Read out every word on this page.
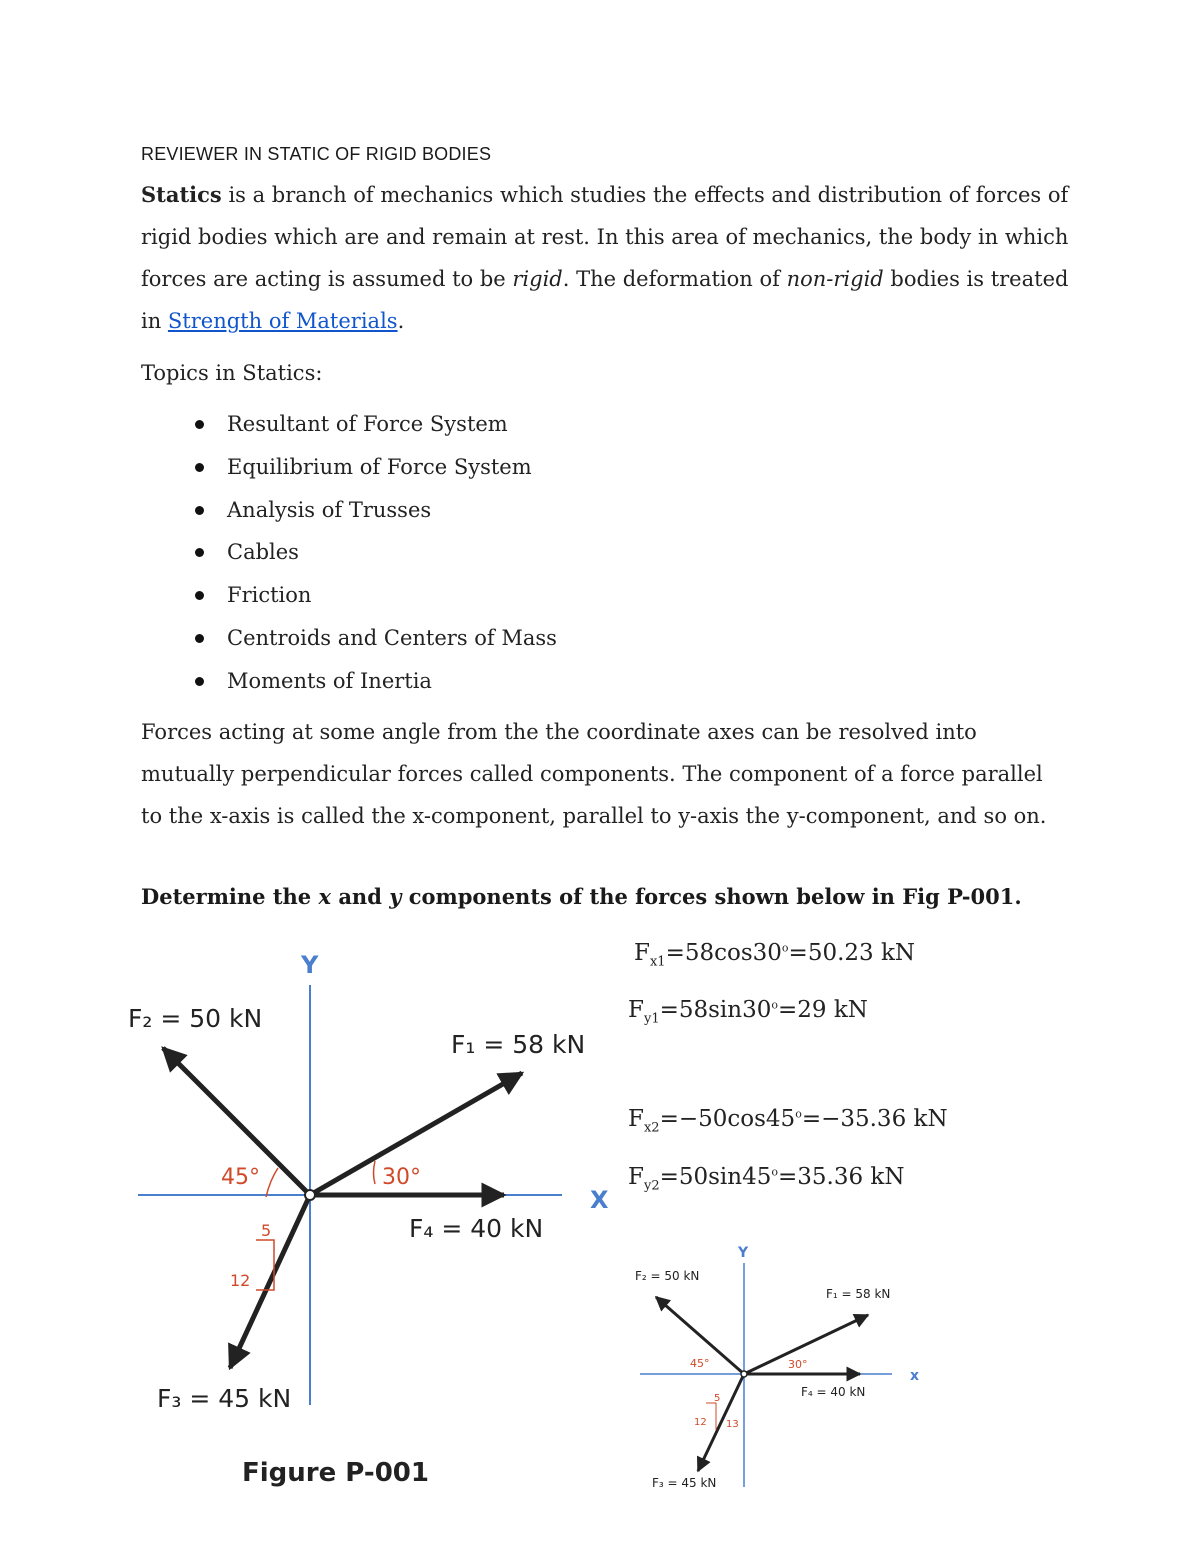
REVIEWER IN STATIC OF RIGID BODIES
Statics is a branch of mechanics which studies the effects and distribution of forces of rigid bodies which are and remain at rest. In this area of mechanics, the body in which forces are acting is assumed to be rigid. The deformation of non-rigid bodies is treated in Strength of Materials.
Topics in Statics:
Resultant of Force System
Equilibrium of Force System
Analysis of Trusses
Cables
Friction
Centroids and Centers of Mass
Moments of Inertia
Forces acting at some angle from the the coordinate axes can be resolved into mutually perpendicular forces called components. The component of a force parallel to the x-axis is called the x-component, parallel to y-axis the y-component, and so on.
Determine the x and y components of the forces shown below in Fig P-001.
$F_{x1}=58\cos 30^o=50.23$ kN
$F_{y1}=58\sin 30^o=29$ kN
$F_{x2}=-50\cos 45^o=-35.36$ kN
$F_{y2}=50\sin 45^o=35.36$ kN
Y
X
45°	30°
5
12
F₂ = 50 kN
F₁ = 58 kN
F₄ = 40 kN
F₃ = 45 kN
Figure P-001
Y
x
45°	30°
5
12 13
F₂ = 50 kN
F₁ = 58 kN
F₄ = 40 kN
F₃ = 45 kN
